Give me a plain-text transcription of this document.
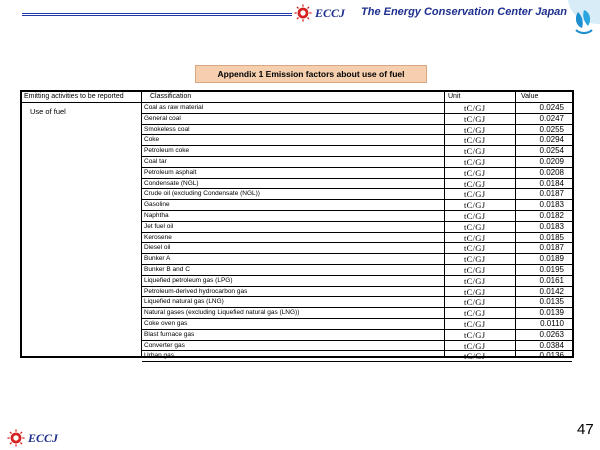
ECCJ The Energy Conservation Center Japan
Appendix 1 Emission factors about use of fuel
Emitting activities to be reported	Classification	Unit	Value
Use of fuel	Coal as raw material	tC/GJ	0.0245
General coal	tC/GJ	0.0247
Smokeless coal	tC/GJ	0.0255
Coke	tC/GJ	0.0294
Petroleum coke	tC/GJ	0.0254
Coal tar	tC/GJ	0.0209
Petroleum asphalt	tC/GJ	0.0208
Condensate (NGL)	tC/GJ	0.0184
Crude oil (excluding Condensate (NGL))	tC/GJ	0.0187
Gasoline	tC/GJ	0.0183
Naphtha	tC/GJ	0.0182
Jet fuel oil	tC/GJ	0.0183
Kerosene	tC/GJ	0.0185
Diesel oil	tC/GJ	0.0187
Bunker A	tC/GJ	0.0189
Bunker B and C	tC/GJ	0.0195
Liquefied petroleum gas (LPG)	tC/GJ	0.0161
Petroleum-derived hydrocarbon gas	tC/GJ	0.0142
Liquefied natural gas (LNG)	tC/GJ	0.0135
Natural gases (excluding Liquefied natural gas (LNG))	tC/GJ	0.0139
Coke oven gas	tC/GJ	0.0110
Blast furnace gas	tC/GJ	0.0263
Converter gas	tC/GJ	0.0384
Urban gas	tC/GJ	0.0136
ECCJ	47
